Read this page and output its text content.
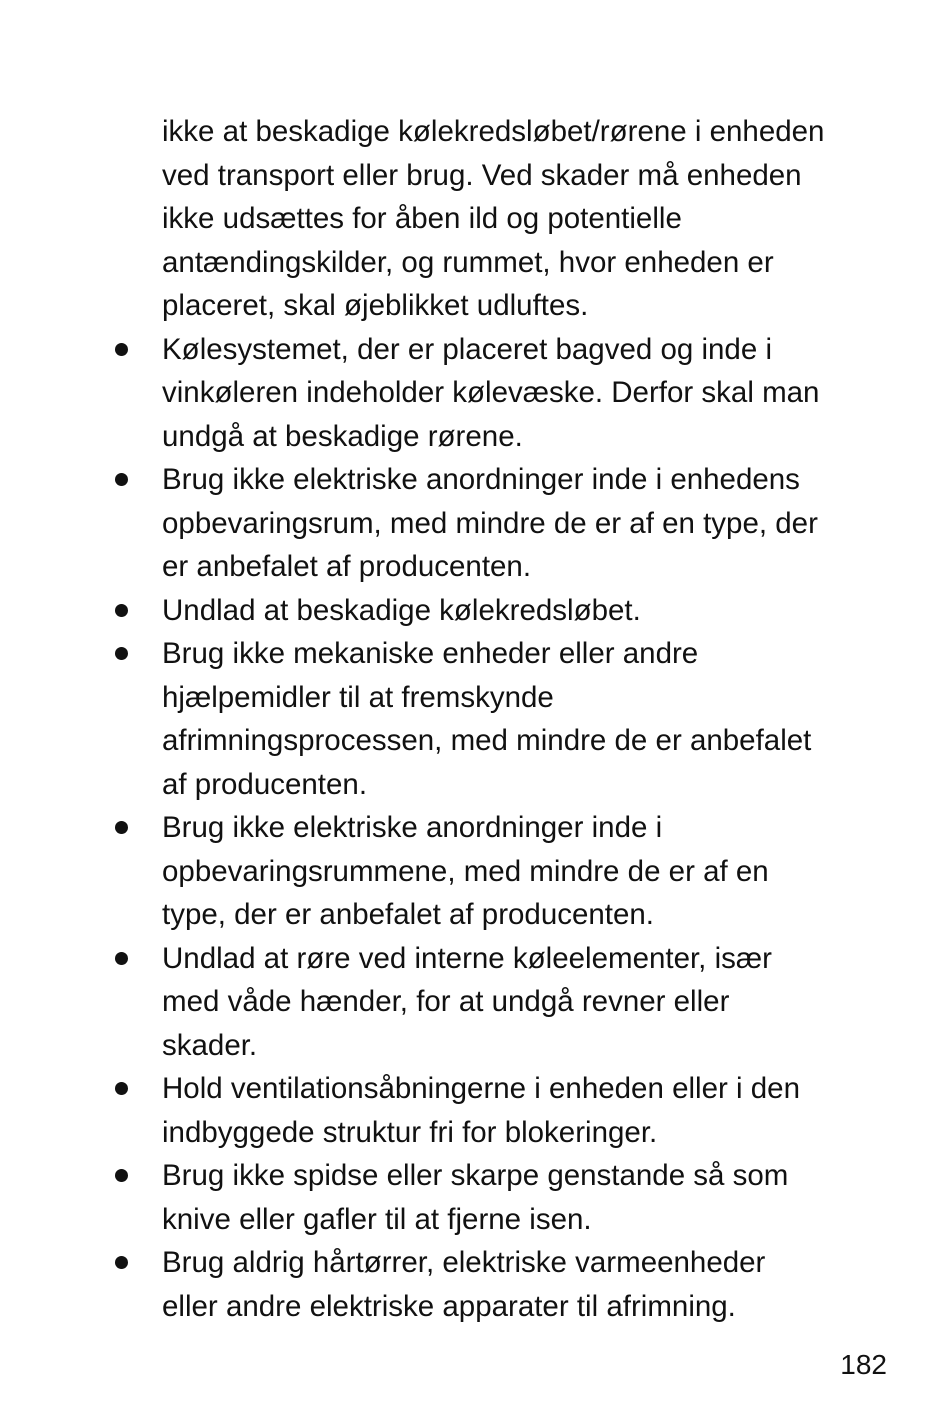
ikke at beskadige kølekredsløbet/rørene i enheden
ved transport eller brug. Ved skader må enheden
ikke udsættes for åben ild og potentielle
antændingskilder, og rummet, hvor enheden er
placeret, skal øjeblikket udluftes.
Kølesystemet, der er placeret bagved og inde i
vinkøleren indeholder kølevæske. Derfor skal man
undgå at beskadige rørene.
Brug ikke elektriske anordninger inde i enhedens
opbevaringsrum, med mindre de er af en type, der
er anbefalet af producenten.
Undlad at beskadige kølekredsløbet.
Brug ikke mekaniske enheder eller andre
hjælpemidler til at fremskynde
afrimningsprocessen, med mindre de er anbefalet
af producenten.
Brug ikke elektriske anordninger inde i
opbevaringsrummene, med mindre de er af en
type, der er anbefalet af producenten.
Undlad at røre ved interne køleelementer, især
med våde hænder, for at undgå revner eller
skader.
Hold ventilationsåbningerne i enheden eller i den
indbyggede struktur fri for blokeringer.
Brug ikke spidse eller skarpe genstande så som
knive eller gafler til at fjerne isen.
Brug aldrig hårtørrer, elektriske varmeenheder
eller andre elektriske apparater til afrimning.
182
